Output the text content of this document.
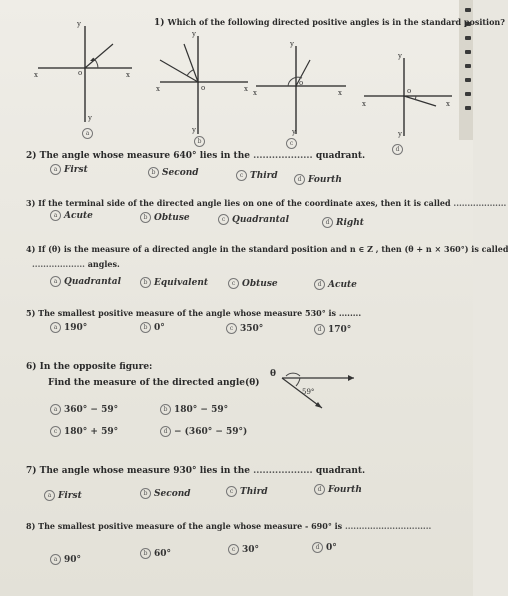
1) Which of the following directed positive angles is in the standard position?
x	x
y
y
o
a
x	x
y
y
o
b
x	x
y
y
o
c
x	x
y
y
o
d
2) The angle whose measure 640° lies in the ................... quadrant.
a First	b Second	c Third	d Fourth
3) If the terminal side of the directed angle lies on one of the coordinate axes, then it is called ...................
a Acute	b Obtuse	c Quadrantal	d Right
4) If (θ) is the measure of a directed angle in the standard position and n ∈ Z , then (θ + n × 360°) is called
................... angles.
a Quadrantal	b Equivalent	c Obtuse	d Acute
5) The smallest positive measure of the angle whose measure 530° is ........
a 190°	b 0°	c 350°	d 170°
6) In the opposite figure:
Find the measure of the directed angle(θ)
θ
59°
a 360° − 59°	b 180° − 59°
c 180° + 59°	d − (360° − 59°)
7) The angle whose measure 930° lies in the ................... quadrant.
a First	b Second	c Third	d Fourth
8) The smallest positive measure of the angle whose measure - 690° is ...............................
a 90°
b 60°	c 30°	d 0°
